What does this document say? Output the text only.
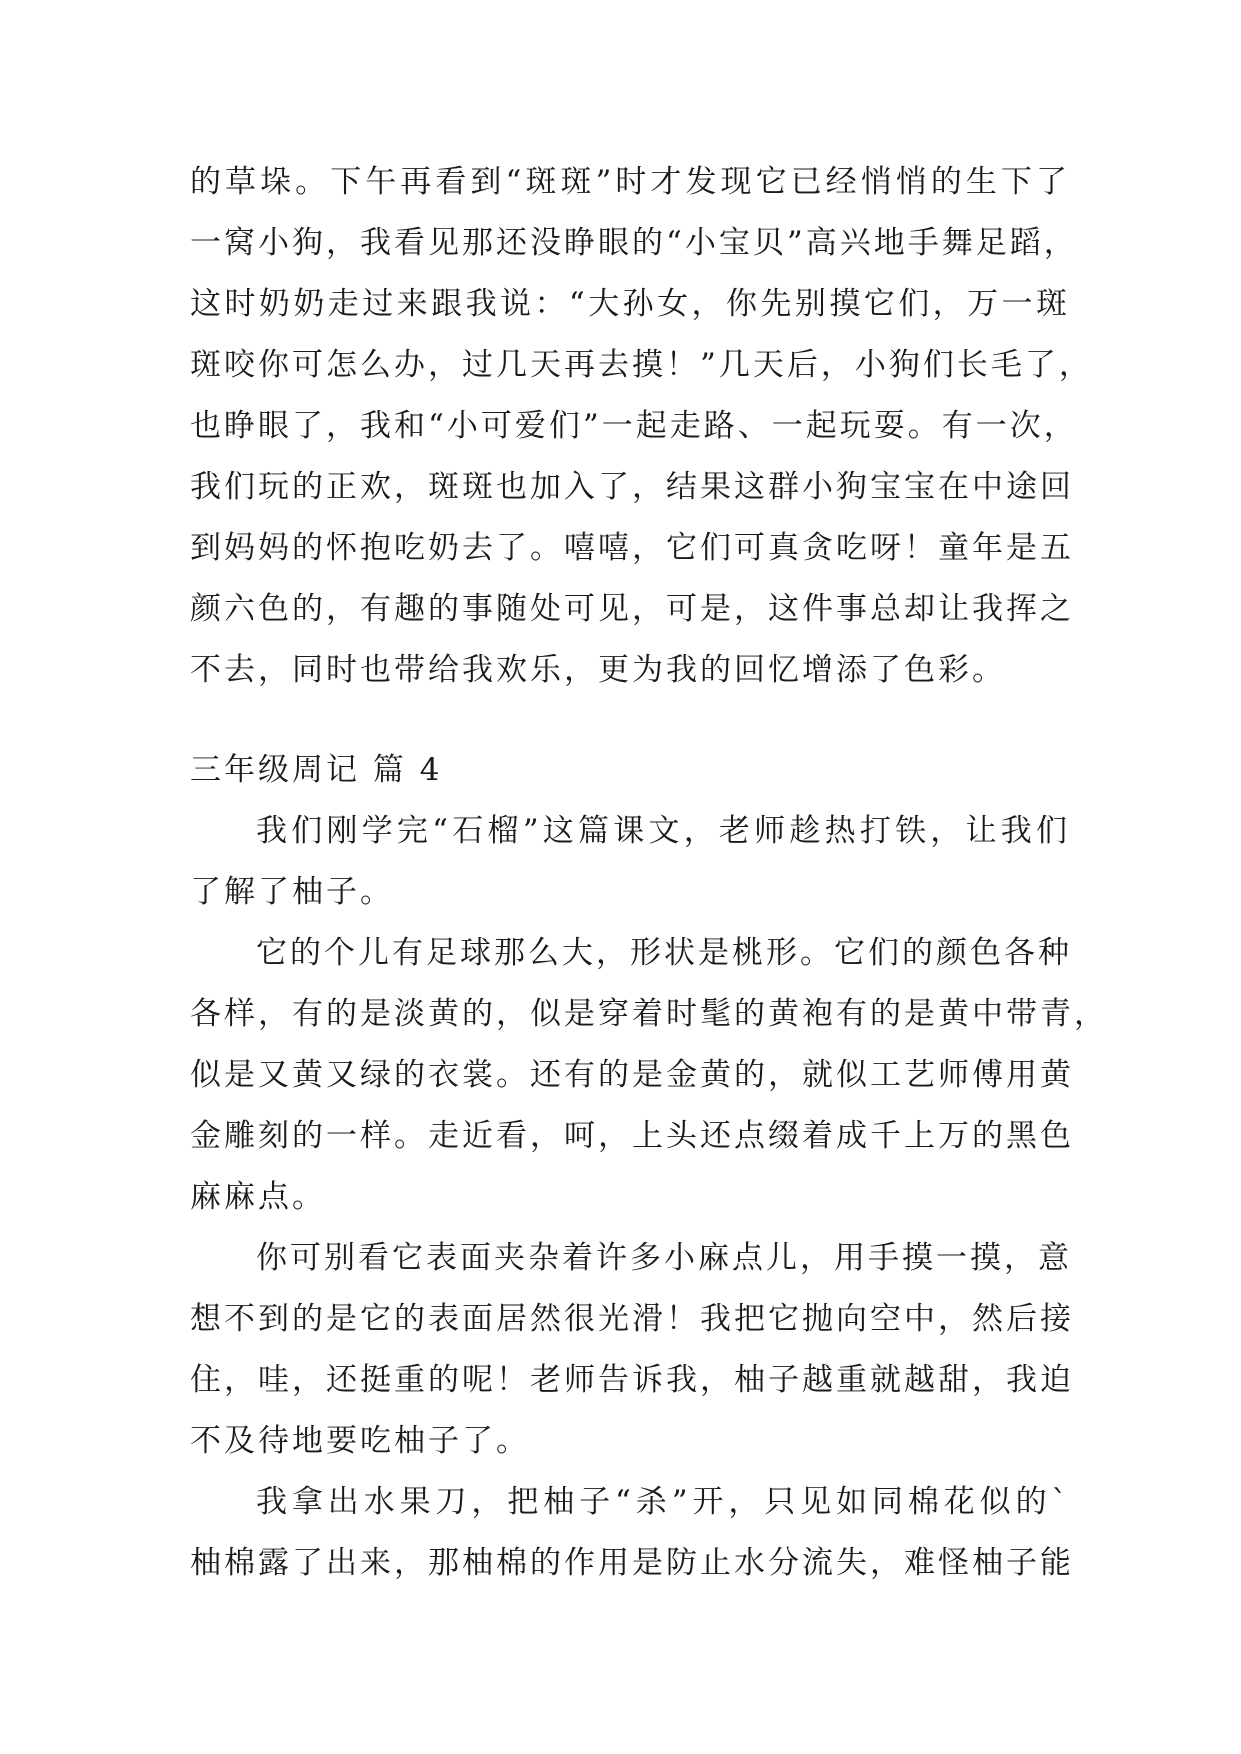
的草垛。下午再看到“斑斑”时才发现它已经悄悄的生下了
一窝小狗，我看见那还没睁眼的“小宝贝”高兴地手舞足蹈，
这时奶奶走过来跟我说：“大孙女，你先别摸它们，万一斑
斑咬你可怎么办，过几天再去摸！”几天后，小狗们长毛了，
也睁眼了，我和“小可爱们”一起走路、一起玩耍。有一次，
我们玩的正欢，斑斑也加入了，结果这群小狗宝宝在中途回
到妈妈的怀抱吃奶去了。嘻嘻，它们可真贪吃呀！童年是五
颜六色的，有趣的事随处可见，可是，这件事总却让我挥之
不去，同时也带给我欢乐，更为我的回忆增添了色彩。
三年级周记 篇 4
我们刚学完“石榴”这篇课文，老师趁热打铁，让我们
了解了柚子。
它的个儿有足球那么大，形状是桃形。它们的颜色各种
各样，有的是淡黄的，似是穿着时髦的黄袍有的是黄中带青，
似是又黄又绿的衣裳。还有的是金黄的，就似工艺师傅用黄
金雕刻的一样。走近看，呵，上头还点缀着成千上万的黑色
麻麻点。
你可别看它表面夹杂着许多小麻点儿，用手摸一摸，意
想不到的是它的表面居然很光滑！我把它抛向空中，然后接
住，哇，还挺重的呢！老师告诉我，柚子越重就越甜，我迫
不及待地要吃柚子了。
我拿出水果刀，把柚子“杀”开，只见如同棉花似的`
柚棉露了出来，那柚棉的作用是防止水分流失，难怪柚子能
